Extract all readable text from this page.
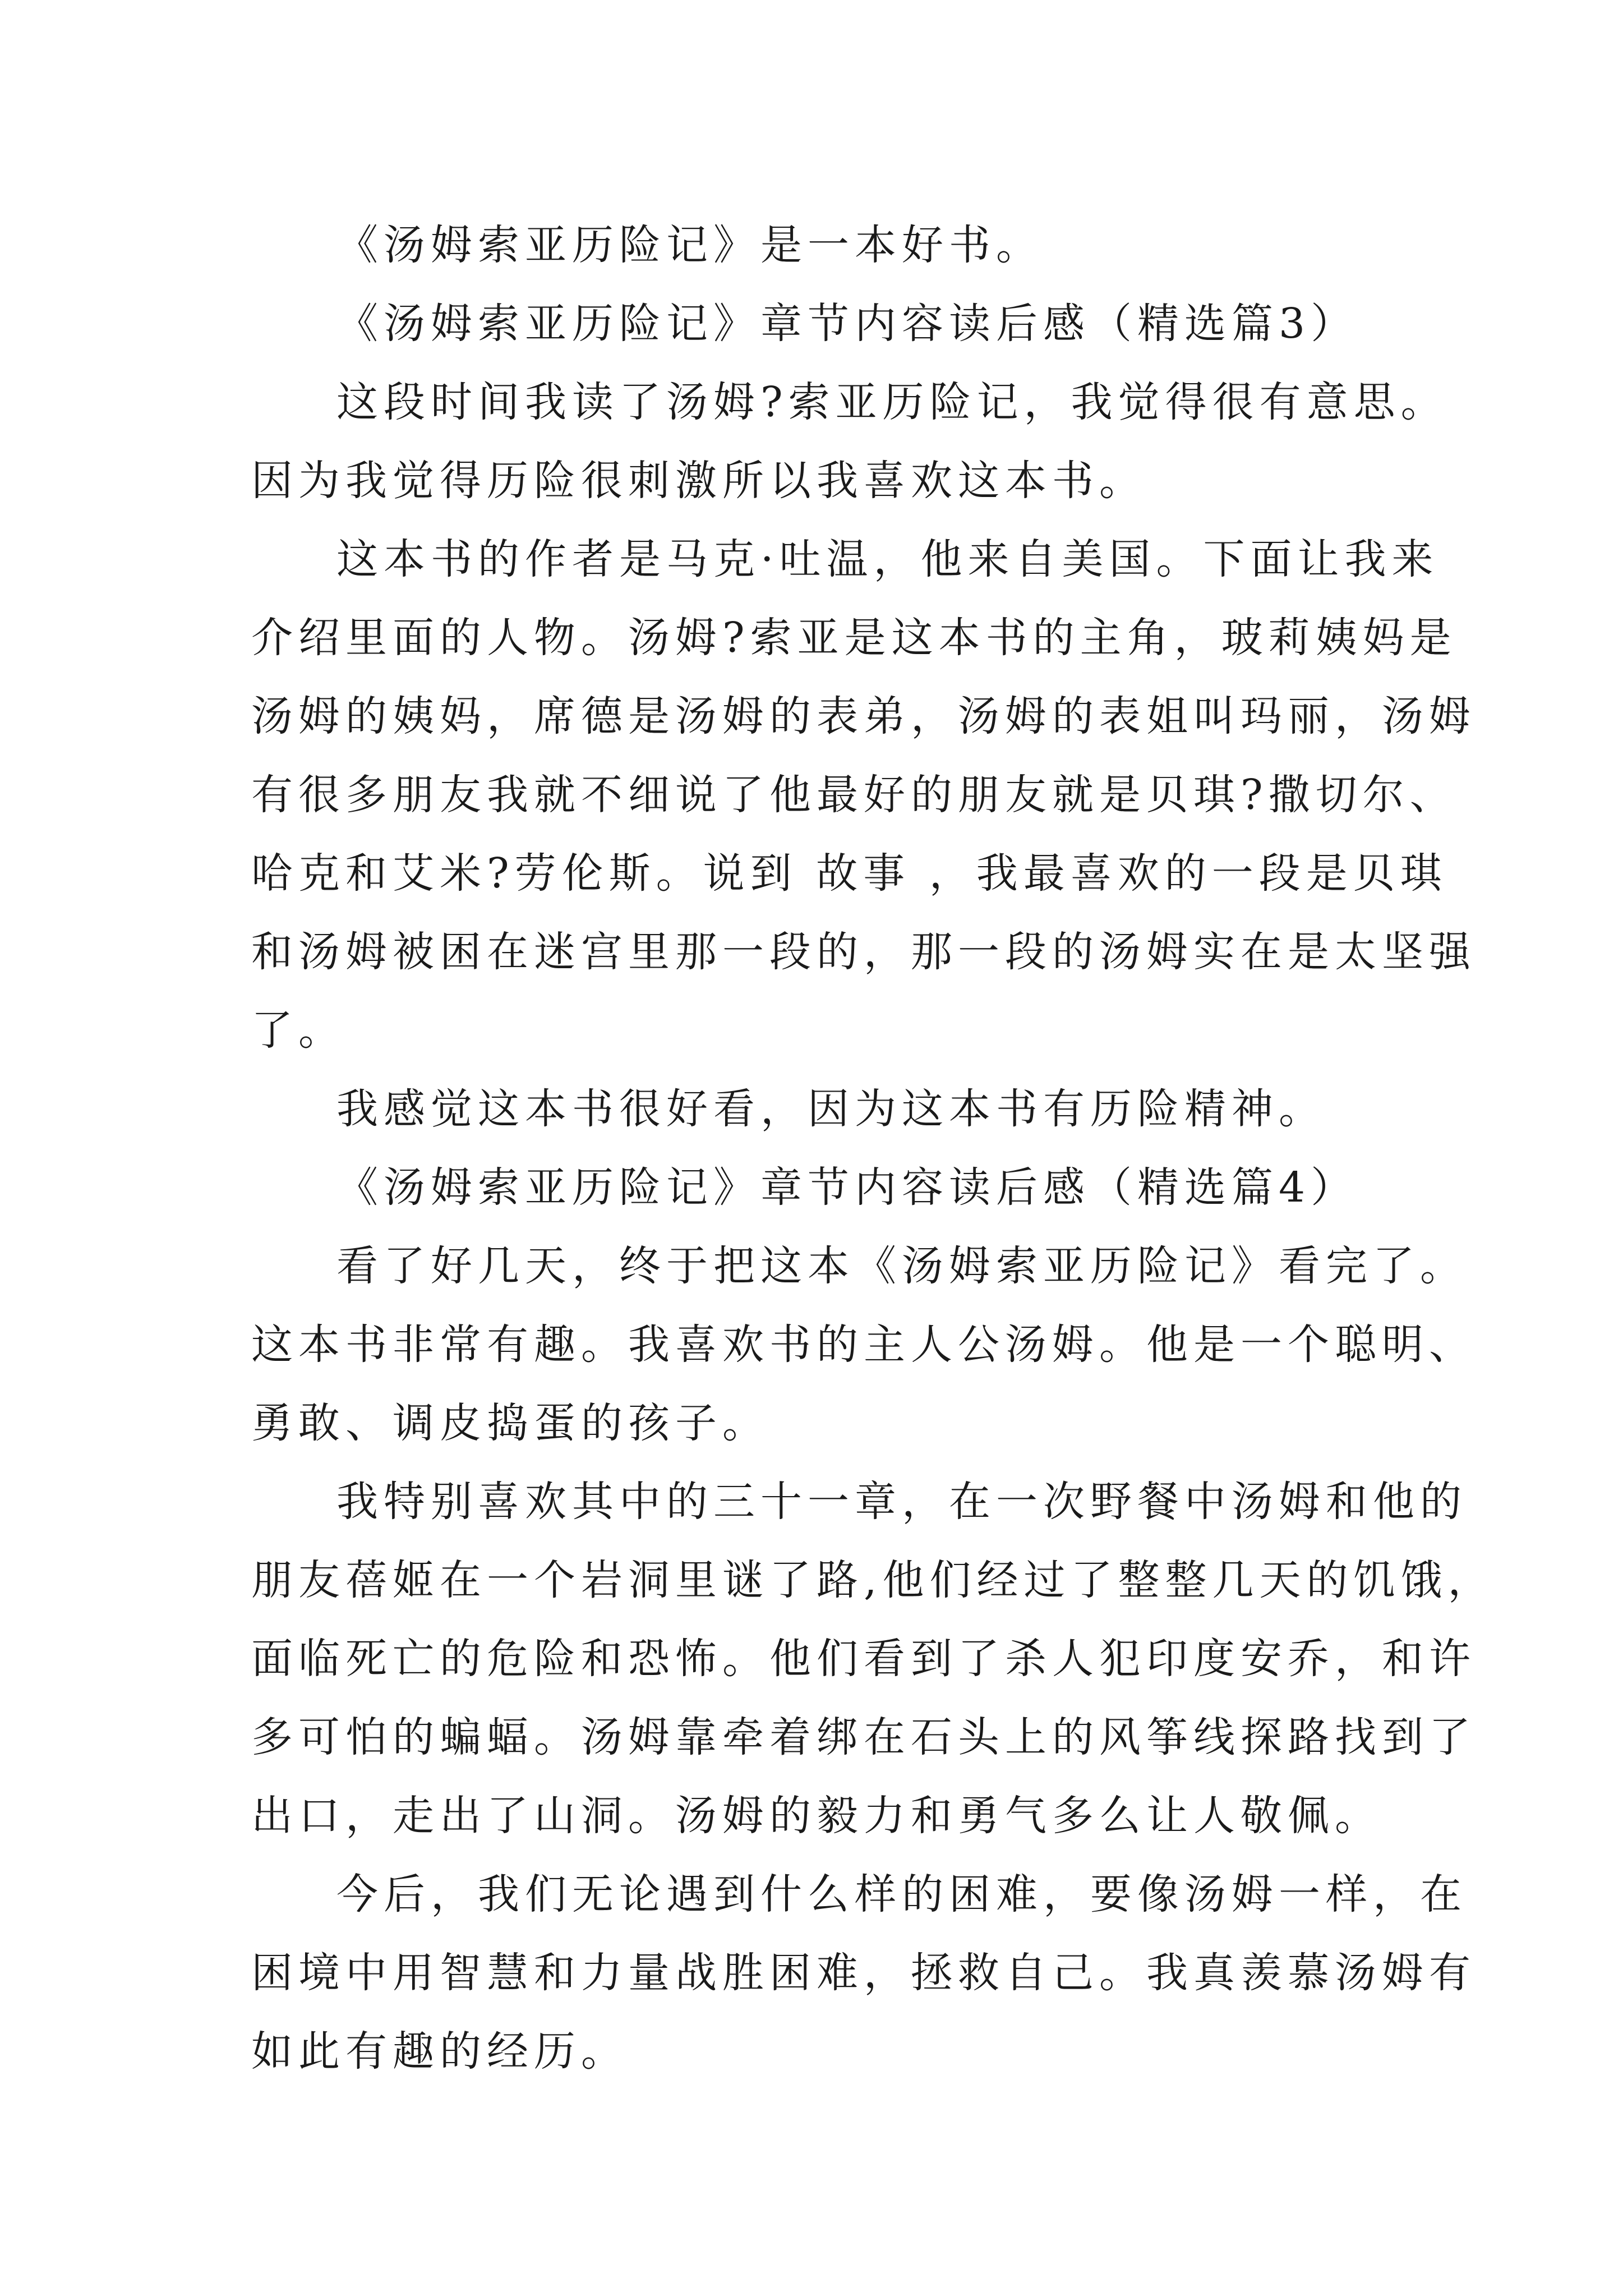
《汤姆索亚历险记》是一本好书。
《汤姆索亚历险记》章节内容读后感（精选篇3）
这段时间我读了汤姆?索亚历险记，我觉得很有意思。
因为我觉得历险很刺激所以我喜欢这本书。
这本书的作者是马克·吐温，他来自美国。下面让我来
介绍里面的人物。汤姆?索亚是这本书的主角，玻莉姨妈是
汤姆的姨妈，席德是汤姆的表弟，汤姆的表姐叫玛丽，汤姆
有很多朋友我就不细说了他最好的朋友就是贝琪?撒切尔、
哈克和艾米?劳伦斯。说到 故事 ，我最喜欢的一段是贝琪
和汤姆被困在迷宫里那一段的，那一段的汤姆实在是太坚强
了。
我感觉这本书很好看，因为这本书有历险精神。
《汤姆索亚历险记》章节内容读后感（精选篇4）
看了好几天，终于把这本《汤姆索亚历险记》看完了。
这本书非常有趣。我喜欢书的主人公汤姆。他是一个聪明、
勇敢、调皮捣蛋的孩子。
我特别喜欢其中的三十一章，在一次野餐中汤姆和他的
朋友蓓姬在一个岩洞里谜了路,他们经过了整整几天的饥饿，
面临死亡的危险和恐怖。他们看到了杀人犯印度安乔，和许
多可怕的蝙蝠。汤姆靠牵着绑在石头上的风筝线探路找到了
出口，走出了山洞。汤姆的毅力和勇气多么让人敬佩。
今后，我们无论遇到什么样的困难，要像汤姆一样，在
困境中用智慧和力量战胜困难，拯救自己。我真羡慕汤姆有
如此有趣的经历。
